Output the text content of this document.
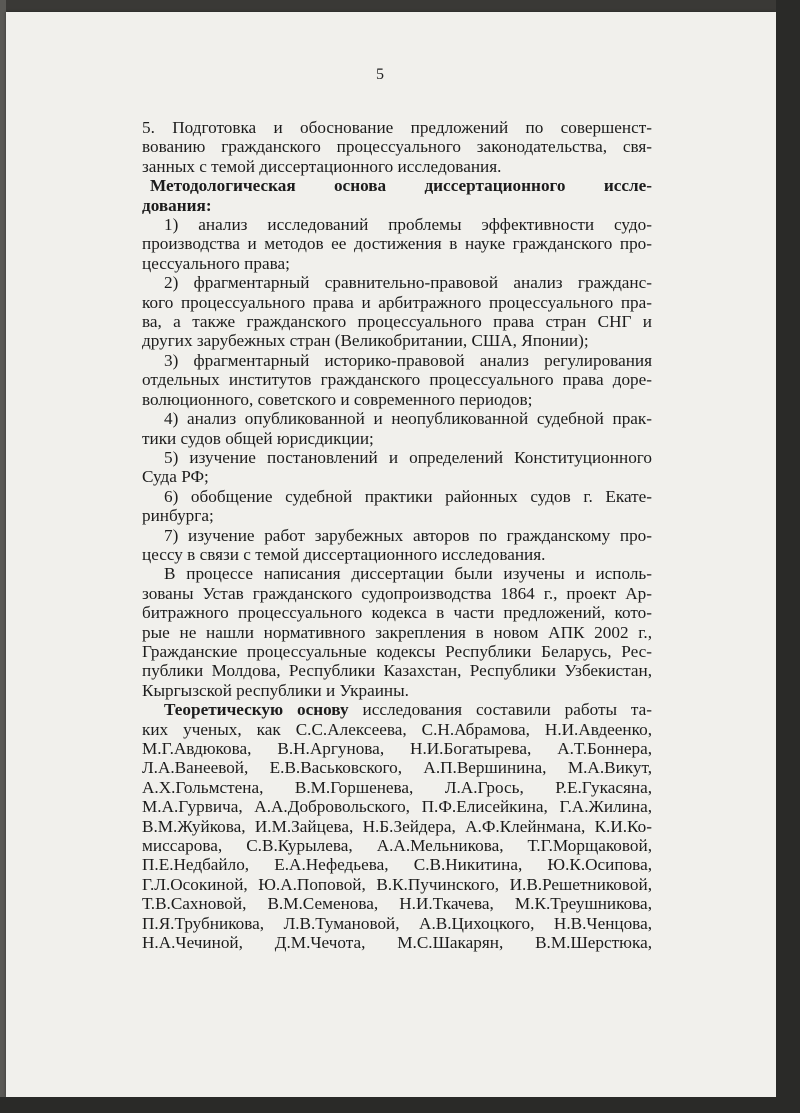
5

5. Подготовка и обоснование предложений по совершенст-
вованию гражданского процессуального законодательства, свя-
занных с темой диссертационного исследования.

Методологическая основа диссертационного иссле-
дования:

1) анализ исследований проблемы эффективности судо-
производства и методов ее достижения в науке гражданского про-
цессуального права;

2) фрагментарный сравнительно-правовой анализ гражданс-
кого процессуального права и арбитражного процессуального пра-
ва, а также гражданского процессуального права стран СНГ и
других зарубежных стран (Великобритании, США, Японии);

3) фрагментарный историко-правовой анализ регулирования
отдельных институтов гражданского процессуального права доре-
волюционного, советского и современного периодов;

4) анализ опубликованной и неопубликованной судебной прак-
тики судов общей юрисдикции;

5) изучение постановлений и определений Конституционного
Суда РФ;

6) обобщение судебной практики районных судов г. Екате-
ринбурга;

7) изучение работ зарубежных авторов по гражданскому про-
цессу в связи с темой диссертационного исследования.

В процессе написания диссертации были изучены и исполь-
зованы Устав гражданского судопроизводства 1864 г., проект Ар-
битражного процессуального кодекса в части предложений, кото-
рые не нашли нормативного закрепления в новом АПК 2002 г.,
Гражданские процессуальные кодексы Республики Беларусь, Рес-
публики Молдова, Республики Казахстан, Республики Узбекистан,
Кыргызской республики и Украины.

Теоретическую основу исследования составили работы та-
ких ученых, как С.С.Алексеева, С.Н.Абрамова, Н.И.Авдеенко,
М.Г.Авдюкова, В.Н.Аргунова, Н.И.Богатырева, А.Т.Боннера,
Л.А.Ванеевой, Е.В.Васьковского, А.П.Вершинина, М.А.Викут,
А.Х.Гольмстена, В.М.Горшенева, Л.А.Грось, Р.Е.Гукасяна,
М.А.Гурвича, А.А.Добровольского, П.Ф.Елисейкина, Г.А.Жилина,
В.М.Жуйкова, И.М.Зайцева, Н.Б.Зейдера, А.Ф.Клейнмана, К.И.Ко-
миссарова, С.В.Курылева, А.А.Мельникова, Т.Г.Морщаковой,
П.Е.Недбайло, Е.А.Нефедьева, С.В.Никитина, Ю.К.Осипова,
Г.Л.Осокиной, Ю.А.Поповой, В.К.Пучинского, И.В.Решетниковой,
Т.В.Сахновой, В.М.Семенова, Н.И.Ткачева, М.К.Треушникова,
П.Я.Трубникова, Л.В.Тумановой, А.В.Цихоцкого, Н.В.Ченцова,
Н.А.Чечиной, Д.М.Чечота, М.С.Шакарян, В.М.Шерстюка,
